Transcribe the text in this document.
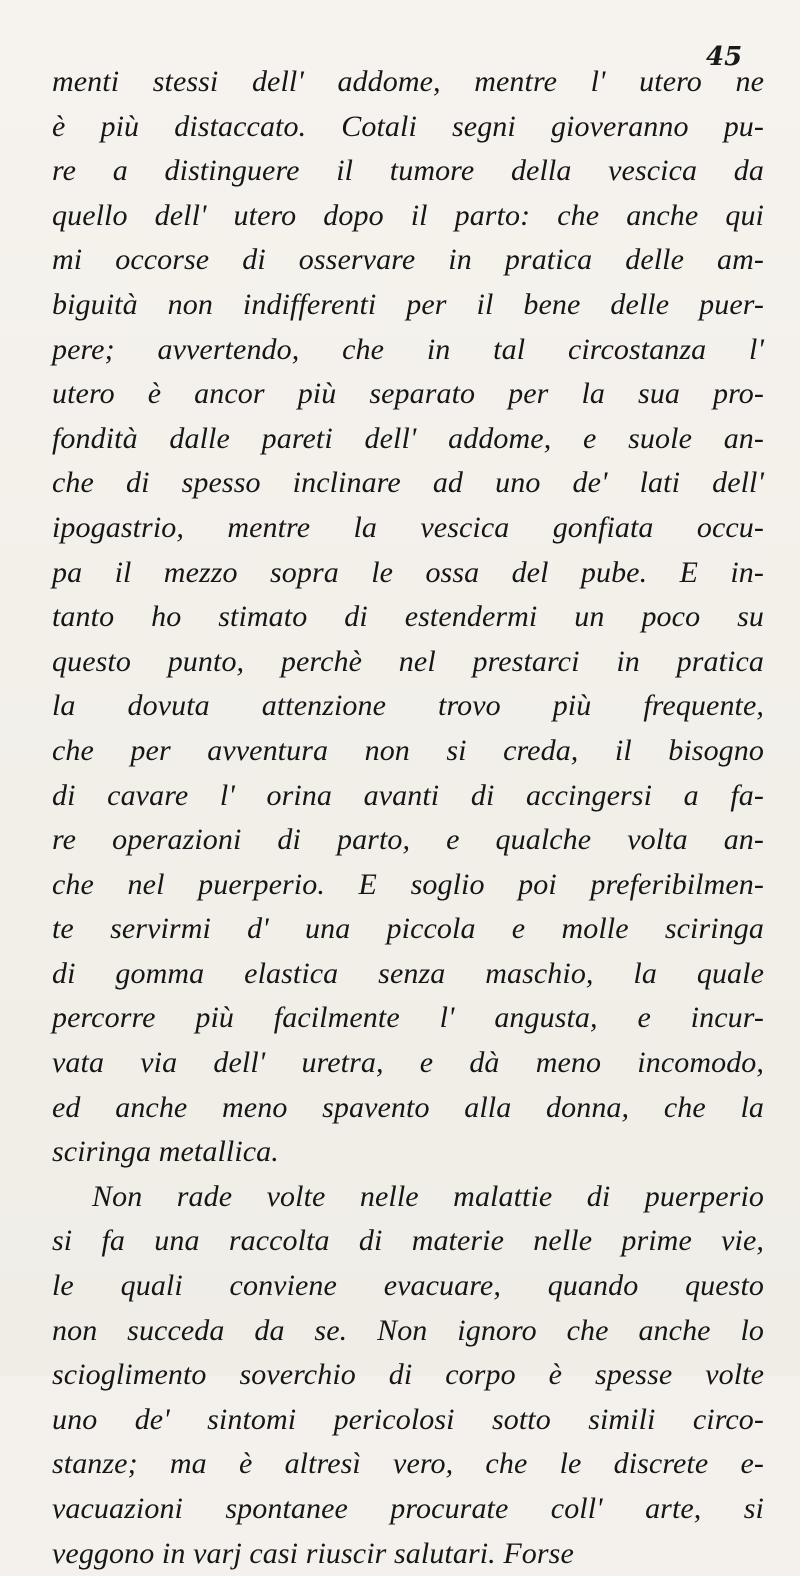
45
menti stessi dell' addome, mentre l' utero ne
è più distaccato. Cotali segni gioveranno pu-
re a distinguere il tumore della vescica da
quello dell' utero dopo il parto: che anche qui
mi occorse di osservare in pratica delle am-
biguità non indifferenti per il bene delle puer-
pere; avvertendo, che in tal circostanza l'
utero è ancor più separato per la sua pro-
fondità dalle pareti dell' addome, e suole an-
che di spesso inclinare ad uno de' lati dell'
ipogastrio, mentre la vescica gonfiata occu-
pa il mezzo sopra le ossa del pube. E in-
tanto ho stimato di estendermi un poco su
questo punto, perchè nel prestarci in pratica
la dovuta attenzione trovo più frequente,
che per avventura non si creda, il bisogno
di cavare l' orina avanti di accingersi a fa-
re operazioni di parto, e qualche volta an-
che nel puerperio. E soglio poi preferibilmen-
te servirmi d' una piccola e molle sciringa
di gomma elastica senza maschio, la quale
percorre più facilmente l' angusta, e incur-
vata via dell' uretra, e dà meno incomodo,
ed anche meno spavento alla donna, che la
sciringa metallica.
Non rade volte nelle malattie di puerperio
si fa una raccolta di materie nelle prime vie,
le quali conviene evacuare, quando questo
non succeda da se. Non ignoro che anche lo
scioglimento soverchio di corpo è spesse volte
uno de' sintomi pericolosi sotto simili circo-
stanze; ma è altresì vero, che le discrete e-
vacuazioni spontanee procurate coll' arte, si
veggono in varj casi riuscir salutari. Forse
